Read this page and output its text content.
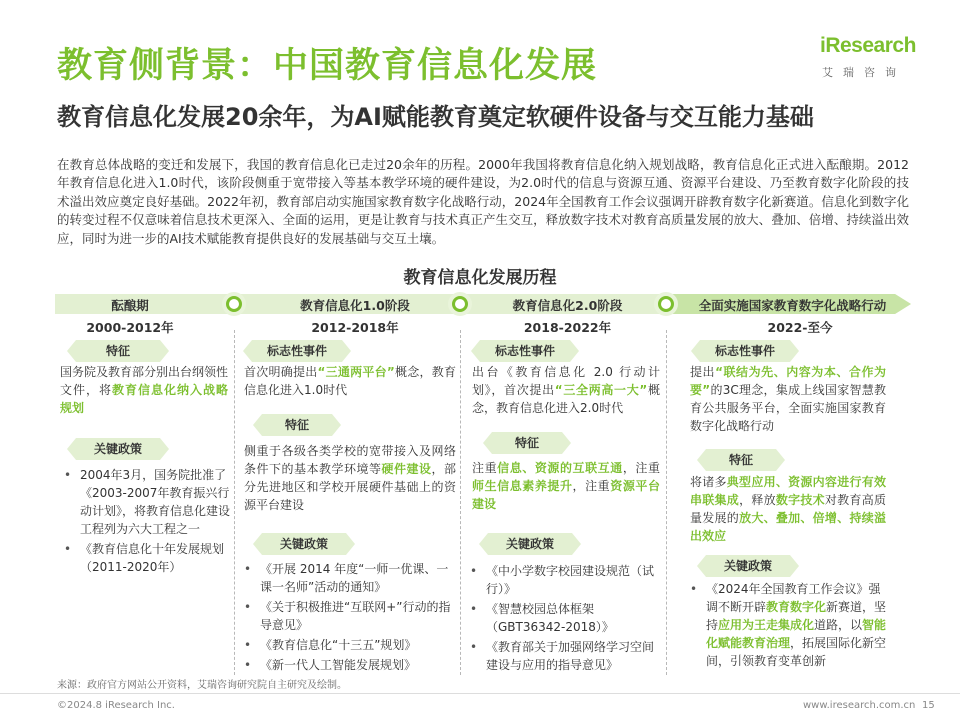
教育侧背景：中国教育信息化发展
教育信息化发展20余年，为AI赋能教育奠定软硬件设备与交互能力基础
iResearch
艾瑞咨询
在教育总体战略的变迁和发展下，我国的教育信息化已走过20余年的历程。2000年我国将教育信息化纳入规划战略，教育信息化正式进入酝酿期。2012年教育信息化进入1.0时代，该阶段侧重于宽带接入等基本教学环境的硬件建设，为2.0时代的信息与资源互通、资源平台建设、乃至教育数字化阶段的技术溢出效应奠定良好基础。2022年初，教育部启动实施国家教育数字化战略行动，2024年全国教育工作会议强调开辟教育数字化新赛道。信息化到数字化的转变过程不仅意味着信息技术更深入、全面的运用，更是让教育与技术真正产生交互，释放数字技术对教育高质量发展的放大、叠加、倍增、持续溢出效应，同时为进一步的AI技术赋能教育提供良好的发展基础与交互土壤。
教育信息化发展历程
酝酿期	教育信息化1.0阶段	教育信息化2.0阶段	全面实施国家教育数字化战略行动
2000-2012年	2012-2018年	2018-2022年	2022-至今
特征
国务院及教育部分别出台纲领性文件，将教育信息化纳入战略规划
关键政策
• 2004年3月，国务院批准了《2003-2007年教育振兴行动计划》，将教育信息化建设工程列为六大工程之一
• 《教育信息化十年发展规划（2011-2020年）
标志性事件
首次明确提出“三通两平台”概念，教育信息化进入1.0时代
特征
侧重于各级各类学校的宽带接入及网络条件下的基本教学环境等硬件建设，部分先进地区和学校开展硬件基础上的资源平台建设
关键政策
• 《开展 2014 年度“一师一优课、一课一名师”活动的通知》
• 《关于积极推进“互联网+”行动的指导意见》
• 《教育信息化“十三五”规划》
• 《新一代人工智能发展规划》
标志性事件
出台《教育信息化 2.0 行动计划》，首次提出“三全两高一大”概念，教育信息化进入2.0时代
特征
注重信息、资源的互联互通，注重师生信息素养提升，注重资源平台建设
关键政策
• 《中小学数字校园建设规范（试行）》
• 《智慧校园总体框架（GBT36342-2018）》
• 《教育部关于加强网络学习空间建设与应用的指导意见》
标志性事件
提出“联结为先、内容为本、合作为要”的3C理念，集成上线国家智慧教育公共服务平台，全面实施国家教育数字化战略行动
特征
将诸多典型应用、资源内容进行有效串联集成，释放数字技术对教育高质量发展的放大、叠加、倍增、持续溢出效应
关键政策
• 《2024年全国教育工作会议》强调不断开辟教育数字化新赛道，坚持应用为王走集成化道路，以智能化赋能教育治理，拓展国际化新空间，引领教育变革创新
来源：政府官方网站公开资料，艾瑞咨询研究院自主研究及绘制。
©2024.8 iResearch Inc.	www.iresearch.com.cn 15
